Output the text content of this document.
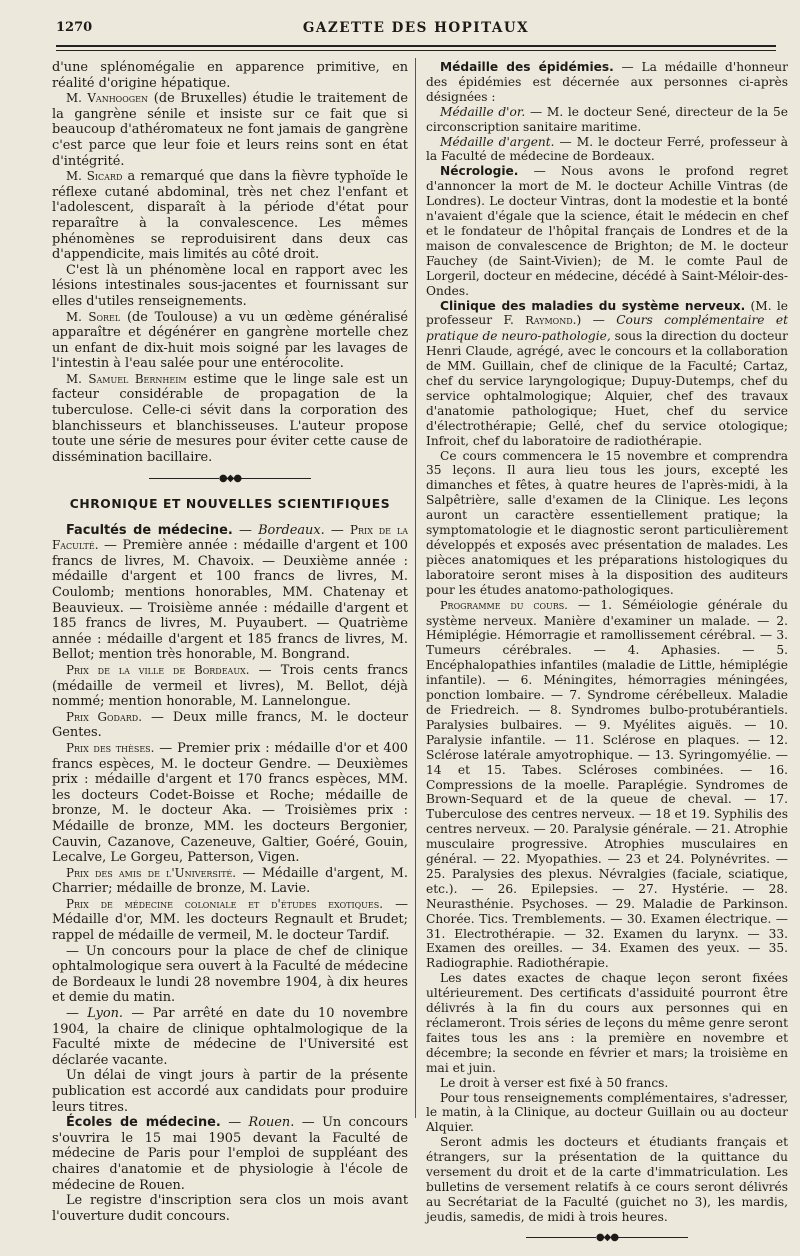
GAZETTE DES HOPITAUX
1270

d'une splénomégalie en apparence primitive, en réalité d'origine hépatique.

M. Vanhoogen (de Bruxelles) étudie le traitement de la gangrène sénile et insiste sur ce fait que si beaucoup d'athéromateux ne font jamais de gangrène c'est parce que leur foie et leurs reins sont en état d'intégrité.

M. Sicard a remarqué que dans la fièvre typhoïde le réflexe cutané abdominal, très net chez l'enfant et l'adolescent, disparaît à la période d'état pour reparaître à la convalescence. Les mêmes phénomènes se reproduisirent dans deux cas d'appendicite, mais limités au côté droit.

C'est là un phénomène local en rapport avec les lésions intestinales sous-jacentes et fournissant sur elles d'utiles renseignements.

M. Sorel (de Toulouse) a vu un œdème généralisé apparaître et dégénérer en gangrène mortelle chez un enfant de dix-huit mois soigné par les lavages de l'intestin à l'eau salée pour une entérocolite.

M. Samuel Bernheim estime que le linge sale est un facteur considérable de propagation de la tuberculose. Celle-ci sévit dans la corporation des blanchisseurs et blanchisseuses. L'auteur propose toute une série de mesures pour éviter cette cause de dissémination bacillaire.

●◆●
CHRONIQUE ET NOUVELLES SCIENTIFIQUES

Facultés de médecine. — Bordeaux. — Prix de la Faculté. — Première année : médaille d'argent et 100 francs de livres, M. Chavoix. — Deuxième année : médaille d'argent et 100 francs de livres, M. Coulomb; mentions honorables, MM. Chatenay et Beauvieux. — Troisième année : médaille d'argent et 185 francs de livres, M. Puyaubert. — Quatrième année : médaille d'argent et 185 francs de livres, M. Bellot; mention très honorable, M. Bongrand.

Prix de la ville de Bordeaux. — Trois cents francs (médaille de vermeil et livres), M. Bellot, déjà nommé; mention honorable, M. Lannelongue.

Prix Godard. — Deux mille francs, M. le docteur Gentes.

Prix des thèses. — Premier prix : médaille d'or et 400 francs espèces, M. le docteur Gendre. — Deuxièmes prix : médaille d'argent et 170 francs espèces, MM. les docteurs Codet-Boisse et Roche; médaille de bronze, M. le docteur Aka. — Troisièmes prix : Médaille de bronze, MM. les docteurs Bergonier, Cauvin, Cazanove, Cazeneuve, Galtier, Goéré, Gouin, Lecalve, Le Gorgeu, Patterson, Vigen.

Prix des amis de l'Université. — Médaille d'argent, M. Charrier; médaille de bronze, M. Lavie.

Prix de médecine coloniale et d'études exotiques. — Médaille d'or, MM. les docteurs Regnault et Brudet; rappel de médaille de vermeil, M. le docteur Tardif.

— Un concours pour la place de chef de clinique ophtalmologique sera ouvert à la Faculté de médecine de Bordeaux le lundi 28 novembre 1904, à dix heures et demie du matin.

— Lyon. — Par arrêté en date du 10 novembre 1904, la chaire de clinique ophtalmologique de la Faculté mixte de médecine de l'Université est déclarée vacante.

Un délai de vingt jours à partir de la présente publication est accordé aux candidats pour produire leurs titres.

Écoles de médecine. — Rouen. — Un concours s'ouvrira le 15 mai 1905 devant la Faculté de médecine de Paris pour l'emploi de suppléant des chaires d'anatomie et de physiologie à l'école de médecine de Rouen.

Le registre d'inscription sera clos un mois avant l'ouverture dudit concours.

Médaille des épidémies. — La médaille d'honneur des épidémies est décernée aux personnes ci-après désignées :

Médaille d'or. — M. le docteur Sené, directeur de la 5e circonscription sanitaire maritime.

Médaille d'argent. — M. le docteur Ferré, professeur à la Faculté de médecine de Bordeaux.

Nécrologie. — Nous avons le profond regret d'annoncer la mort de M. le docteur Achille Vintras (de Londres). Le docteur Vintras, dont la modestie et la bonté n'avaient d'égale que la science, était le médecin en chef et le fondateur de l'hôpital français de Londres et de la maison de convalescence de Brighton; de M. le docteur Fauchey (de Saint-Vivien); de M. le comte Paul de Lorgeril, docteur en médecine, décédé à Saint-Méloir-des-Ondes.

Clinique des maladies du système nerveux. (M. le professeur F. Raymond.) — Cours complémentaire et pratique de neuro-pathologie, sous la direction du docteur Henri Claude, agrégé, avec le concours et la collaboration de MM. Guillain, chef de clinique de la Faculté; Cartaz, chef du service laryngologique; Dupuy-Dutemps, chef du service ophtalmologique; Alquier, chef des travaux d'anatomie pathologique; Huet, chef du service d'électrothérapie; Gellé, chef du service otologique; Infroit, chef du laboratoire de radiothérapie.

Ce cours commencera le 15 novembre et comprendra 35 leçons. Il aura lieu tous les jours, excepté les dimanches et fêtes, à quatre heures de l'après-midi, à la Salpêtrière, salle d'examen de la Clinique. Les leçons auront un caractère essentiellement pratique; la symptomatologie et le diagnostic seront particulièrement développés et exposés avec présentation de malades. Les pièces anatomiques et les préparations histologiques du laboratoire seront mises à la disposition des auditeurs pour les études anatomo-pathologiques.

Programme du cours. — 1. Séméiologie générale du système nerveux. Manière d'examiner un malade. — 2. Hémiplégie. Hémorragie et ramollissement cérébral. — 3. Tumeurs cérébrales. — 4. Aphasies. — 5. Encéphalopathies infantiles (maladie de Little, hémiplégie infantile). — 6. Méningites, hémorragies méningées, ponction lombaire. — 7. Syndrome cérébelleux. Maladie de Friedreich. — 8. Syndromes bulbo-protubérantiels. Paralysies bulbaires. — 9. Myélites aiguës. — 10. Paralysie infantile. — 11. Sclérose en plaques. — 12. Sclérose latérale amyotrophique. — 13. Syringomyélie. — 14 et 15. Tabes. Scléroses combinées. — 16. Compressions de la moelle. Paraplégie. Syndromes de Brown-Sequard et de la queue de cheval. — 17. Tuberculose des centres nerveux. — 18 et 19. Syphilis des centres nerveux. — 20. Paralysie générale. — 21. Atrophie musculaire progressive. Atrophies musculaires en général. — 22. Myopathies. — 23 et 24. Polynévrites. — 25. Paralysies des plexus. Névralgies (faciale, sciatique, etc.). — 26. Epilepsies. — 27. Hystérie. — 28. Neurasthénie. Psychoses. — 29. Maladie de Parkinson. Chorée. Tics. Tremblements. — 30. Examen électrique. — 31. Electrothérapie. — 32. Examen du larynx. — 33. Examen des oreilles. — 34. Examen des yeux. — 35. Radiographie. Radiothérapie.

Les dates exactes de chaque leçon seront fixées ultérieurement. Des certificats d'assiduité pourront être délivrés à la fin du cours aux personnes qui en réclameront. Trois séries de leçons du même genre seront faites tous les ans : la première en novembre et décembre; la seconde en février et mars; la troisième en mai et juin.

Le droit à verser est fixé à 50 francs.

Pour tous renseignements complémentaires, s'adresser, le matin, à la Clinique, au docteur Guillain ou au docteur Alquier.

Seront admis les docteurs et étudiants français et étrangers, sur la présentation de la quittance du versement du droit et de la carte d'immatriculation. Les bulletins de versement relatifs à ce cours seront délivrés au Secrétariat de la Faculté (guichet no 3), les mardis, jeudis, samedis, de midi à trois heures.

●◆●
